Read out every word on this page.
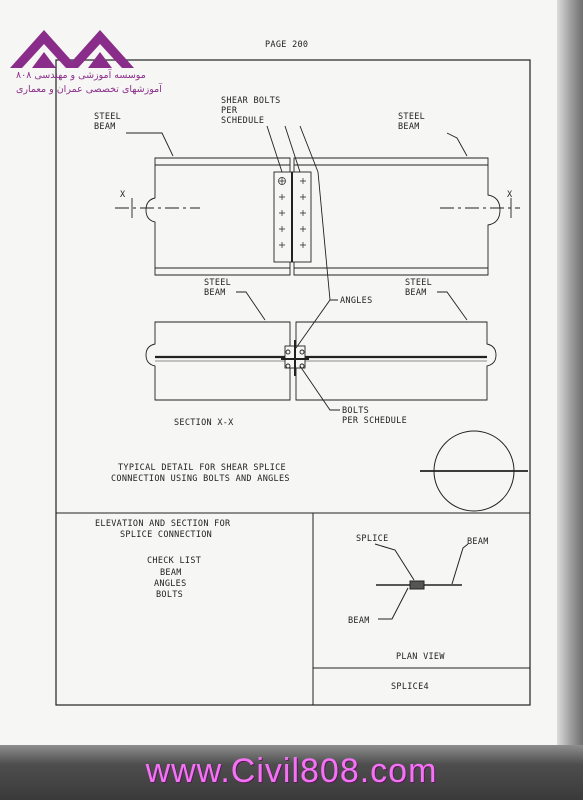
PAGE 200
X	X
STEEL
BEAM
STEEL
BEAM
SHEAR BOLTS
PER
SCHEDULE
STEEL
BEAM
STEEL
BEAM
ANGLES
BOLTS
PER SCHEDULE
SECTION X-X
TYPICAL DETAIL FOR SHEAR SPLICE
CONNECTION USING BOLTS AND ANGLES
ELEVATION AND SECTION FOR
SPLICE CONNECTION
CHECK LIST
BEAM
ANGLES
BOLTS
SPLICE	BEAM
BEAM
PLAN VIEW
SPLICE4
موسسه آموزشی و مهندسی ۸۰۸
آموزشهای تخصصی عمران و معماری
www.Civil808.com
